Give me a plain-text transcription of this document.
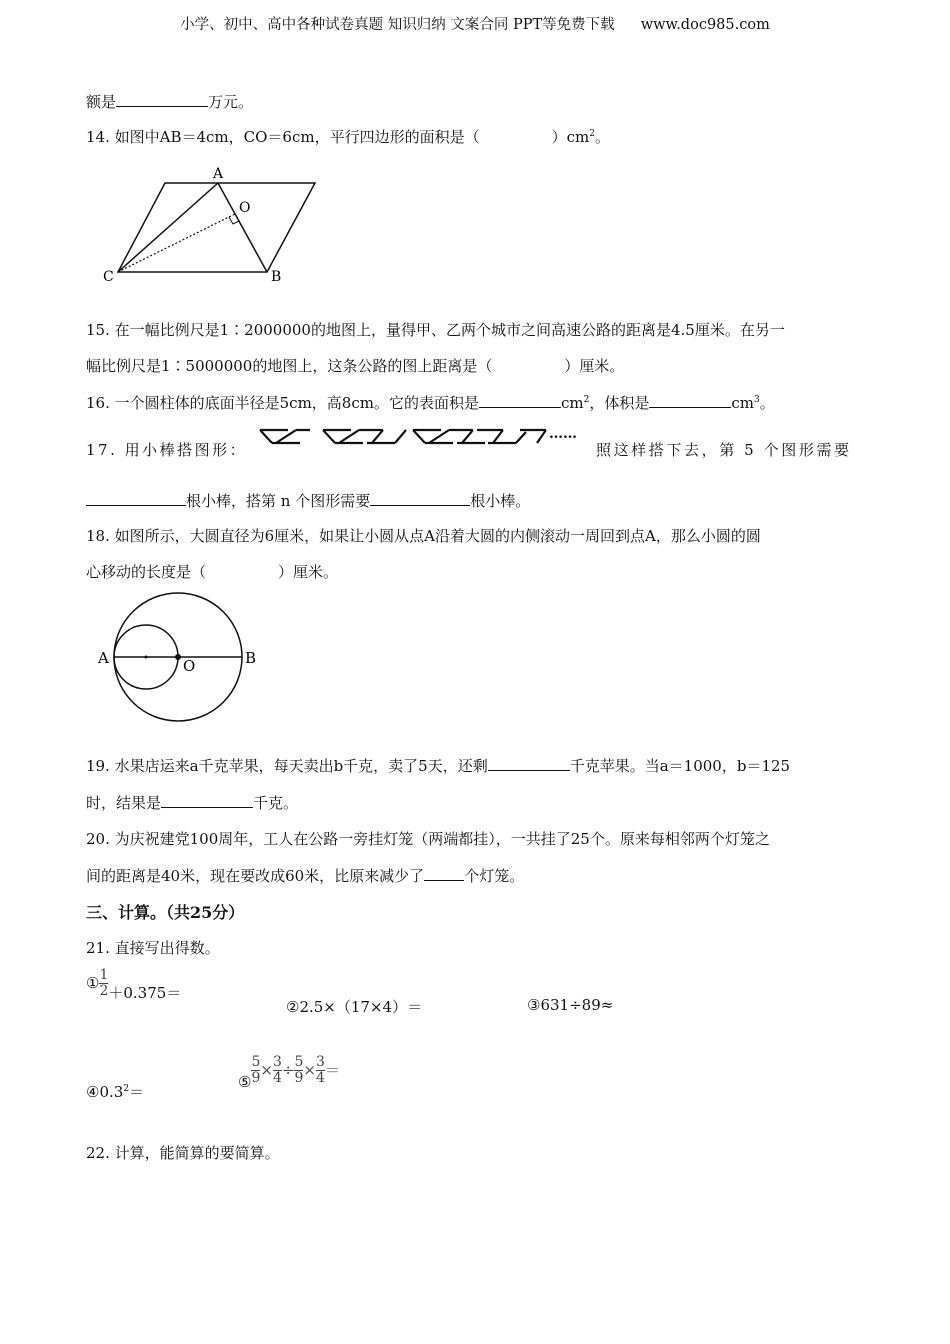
小学、初中、高中各种试卷真题 知识归纳 文案合同 PPT等免费下载 www.doc985.com
额是	万元。
14. 如图中AB＝4cm，CO＝6cm，平行四边形的面积是（	）$cm^2$。
A
O
C	B
15. 在一幅比例尺是1∶2000000的地图上，量得甲、乙两个城市之间高速公路的距离是4.5厘米。在另一
幅比例尺是1∶5000000的地图上，这条公路的图上距离是（	）厘米。
16. 一个圆柱体的底面半径是5cm，高8cm。它的表面积是	$cm^2$，体积是	$cm^3$。
17. 用小棒搭图形：
……
照这样搭下去，第 5 个图形需要
根小棒，搭第 n 个图形需要	根小棒。
18. 如图所示，大圆直径为6厘米，如果让小圆从点A沿着大圆的内侧滚动一周回到点A，那么小圆的圆
心移动的长度是（	）厘米。
A	O	B
19. 水果店运来a千克苹果，每天卖出b千克，卖了5天，还剩	千克苹果。当a＝1000，b＝125
时，结果是	千克。
20. 为庆祝建党100周年，工人在公路一旁挂灯笼（两端都挂），一共挂了25个。原来每相邻两个灯笼之
间的距离是40米，现在要改成60米，比原来减少了	个灯笼。
三、计算。（共25分）
21. 直接写出得数。
① $\frac{1}{2} +0.375=$
②2.5×（17×4）＝	③631÷89≈
$④0.3^2=$
⑤ $\frac{5}{9} \times \frac{3}{4} \div \frac{5}{9} \times \frac{3}{4}$ ＝
22. 计算，能简算的要简算。
